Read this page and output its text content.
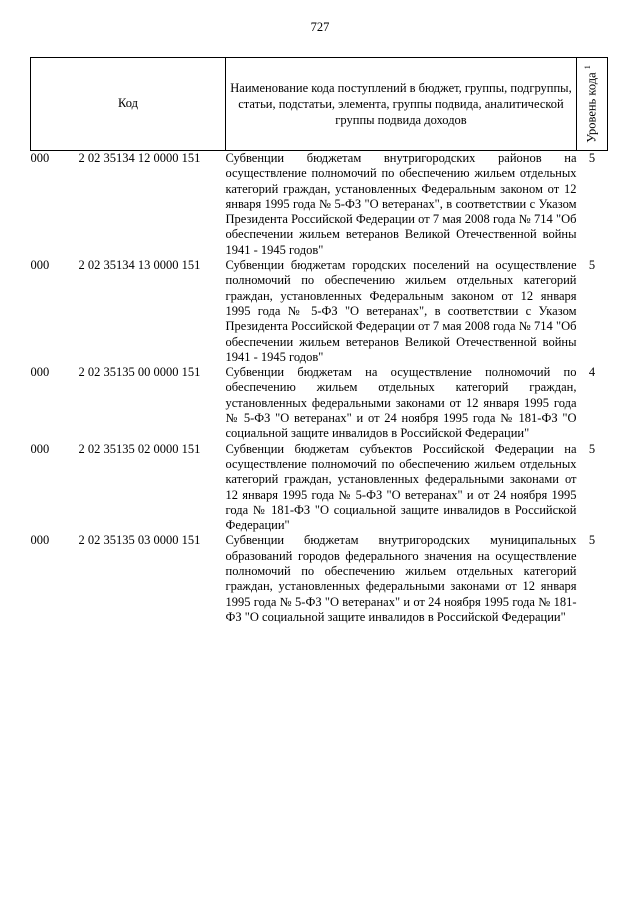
727
Код	Наименование кода поступлений в бюджет, группы, подгруппы, статьи, подстатьи, элемента, группы подвида, аналитической группы подвида доходов	Уровень кода $^1$

000 2 02 35134 12 0000 151	Субвенции бюджетам внутригородских районов на осуществление полномочий по обеспечению жильем отдельных категорий граждан, установленных Федеральным законом от 12 января 1995 года № 5-ФЗ "О ветеранах", в соответствии с Указом Президента Российской Федерации от 7 мая 2008 года № 714 "Об обеспечении жильем ветеранов Великой Отечественной войны 1941 - 1945 годов"	5
000 2 02 35134 13 0000 151	Субвенции бюджетам городских поселений на осуществление полномочий по обеспечению жильем отдельных категорий граждан, установленных Федеральным законом от 12 января 1995 года № 5-ФЗ "О ветеранах", в соответствии с Указом Президента Российской Федерации от 7 мая 2008 года № 714 "Об обеспечении жильем ветеранов Великой Отечественной войны 1941 - 1945 годов"	5
000 2 02 35135 00 0000 151	Субвенции бюджетам на осуществление полномочий по обеспечению жильем отдельных категорий граждан, установленных федеральными законами от 12 января 1995 года № 5-ФЗ "О ветеранах" и от 24 ноября 1995 года № 181-ФЗ "О социальной защите инвалидов в Российской Федерации"	4
000 2 02 35135 02 0000 151	Субвенции бюджетам субъектов Российской Федерации на осуществление полномочий по обеспечению жильем отдельных категорий граждан, установленных федеральными законами от 12 января 1995 года № 5-ФЗ "О ветеранах" и от 24 ноября 1995 года № 181-ФЗ "О социальной защите инвалидов в Российской Федерации"	5
000 2 02 35135 03 0000 151	Субвенции бюджетам внутригородских муниципальных образований городов федерального значения на осуществление полномочий по обеспечению жильем отдельных категорий граждан, установленных федеральными законами от 12 января 1995 года № 5-ФЗ "О ветеранах" и от 24 ноября 1995 года № 181-ФЗ "О социальной защите инвалидов в Российской Федерации"	5
